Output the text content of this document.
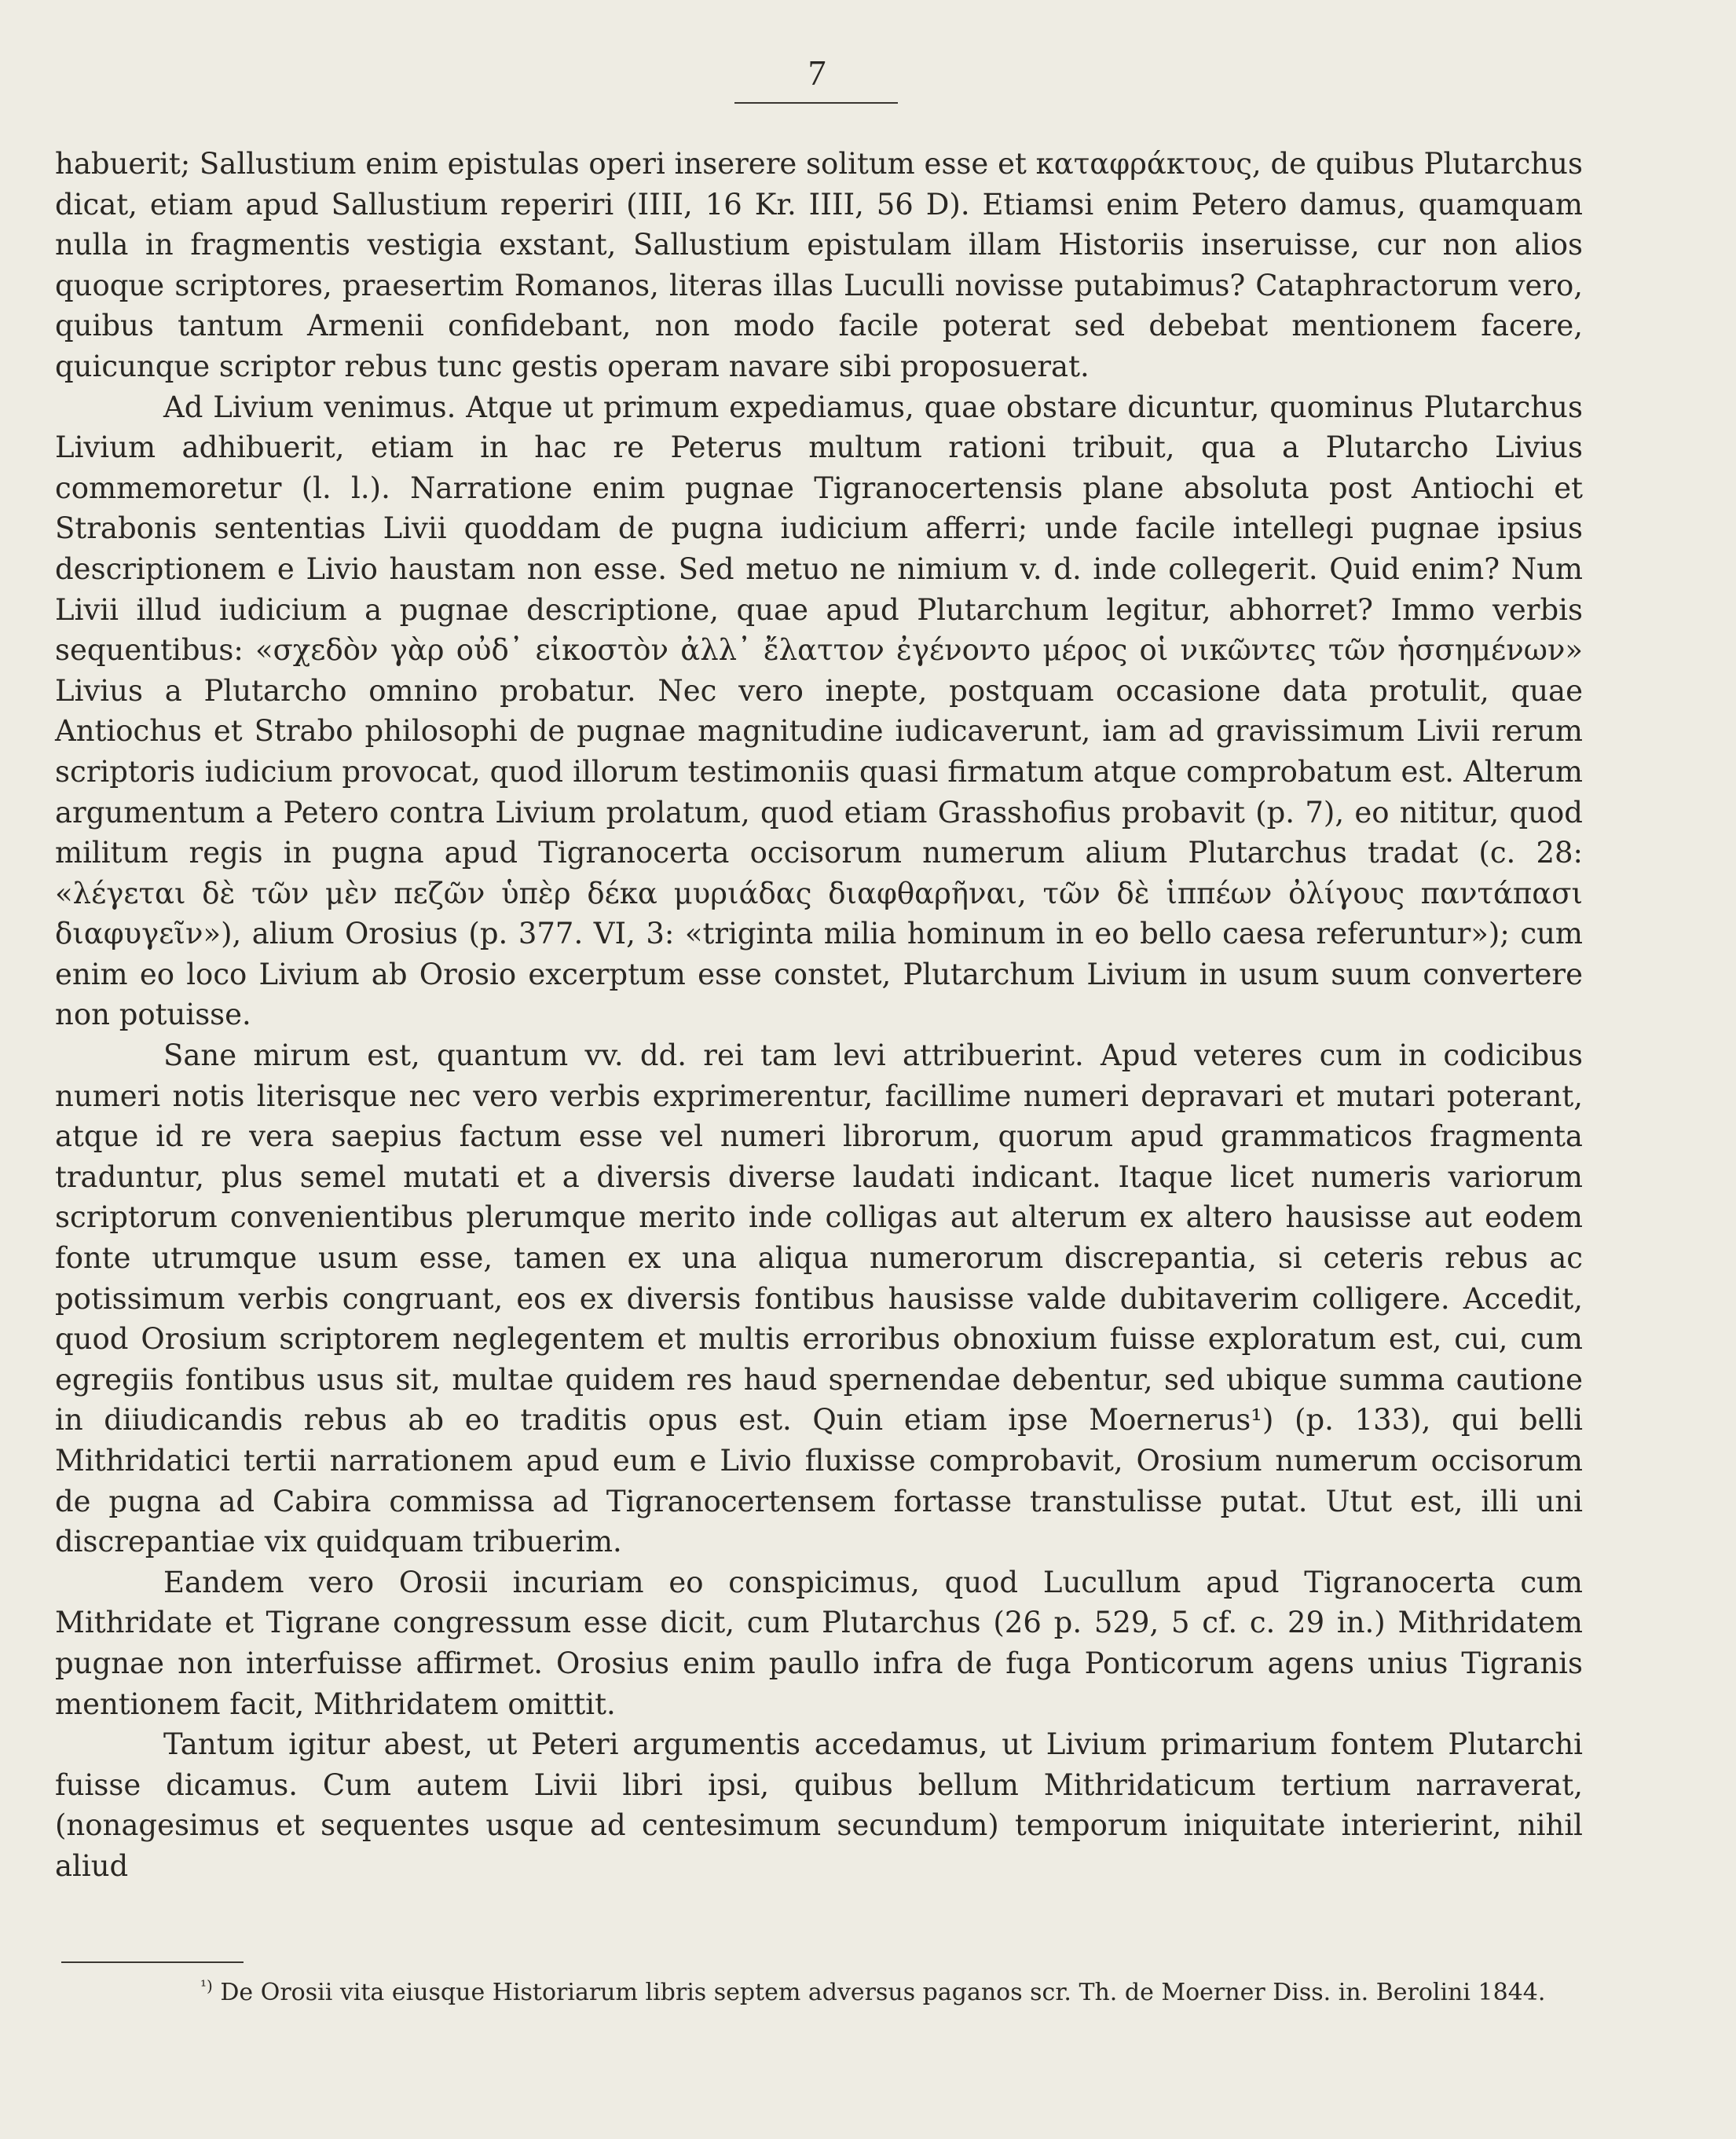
7

habuerit; Sallustium enim epistulas operi inserere solitum esse et καταφράκτους, de quibus Plutarchus dicat, etiam apud Sallustium reperiri (IIII, 16 Kr. IIII, 56 D). Etiamsi enim Petero damus, quamquam nulla in fragmentis vestigia exstant, Sallustium epistulam illam Historiis inseruisse, cur non alios quoque scriptores, praesertim Romanos, literas illas Luculli novisse putabimus? Cataphractorum vero, quibus tantum Armenii confidebant, non modo facile poterat sed debebat mentionem facere, quicunque scriptor rebus tunc gestis operam navare sibi proposuerat.

Ad Livium venimus. Atque ut primum expediamus, quae obstare dicuntur, quominus Plutarchus Livium adhibuerit, etiam in hac re Peterus multum rationi tribuit, qua a Plutarcho Livius commemoretur (l. l.). Narratione enim pugnae Tigranocertensis plane absoluta post Antiochi et Strabonis sententias Livii quoddam de pugna iudicium afferri; unde facile intellegi pugnae ipsius descriptionem e Livio haustam non esse. Sed metuo ne nimium v. d. inde collegerit. Quid enim? Num Livii illud iudicium a pugnae descriptione, quae apud Plutarchum legitur, abhorret? Immo verbis sequentibus: «σχεδὸν γὰρ οὐδ᾽ εἰκοστὸν ἀλλ᾽ ἔλαττον ἐγένοντο μέρος οἱ νικῶντες τῶν ἡσσημένων» Livius a Plutarcho omnino probatur. Nec vero inepte, postquam occasione data protulit, quae Antiochus et Strabo philosophi de pugnae magnitudine iudicaverunt, iam ad gravissimum Livii rerum scriptoris iudicium provocat, quod illorum testimoniis quasi firmatum atque comprobatum est. Alterum argumentum a Petero contra Livium prolatum, quod etiam Grasshofius probavit (p. 7), eo nititur, quod militum regis in pugna apud Tigranocerta occisorum numerum alium Plutarchus tradat (c. 28: «λέγεται δὲ τῶν μὲν πεζῶν ὑπὲρ δέκα μυριάδας διαφθαρῆναι, τῶν δὲ ἱππέων ὀλίγους παντάπασι διαφυγεῖν»), alium Orosius (p. 377. VI, 3: «triginta milia hominum in eo bello caesa referuntur»); cum enim eo loco Livium ab Orosio excerptum esse constet, Plutarchum Livium in usum suum convertere non potuisse.

Sane mirum est, quantum vv. dd. rei tam levi attribuerint. Apud veteres cum in codicibus numeri notis literisque nec vero verbis exprimerentur, facillime numeri depravari et mutari poterant, atque id re vera saepius factum esse vel numeri librorum, quorum apud grammaticos fragmenta traduntur, plus semel mutati et a diversis diverse laudati indicant. Itaque licet numeris variorum scriptorum convenientibus plerumque merito inde colligas aut alterum ex altero hausisse aut eodem fonte utrumque usum esse, tamen ex una aliqua numerorum discrepantia, si ceteris rebus ac potissimum verbis congruant, eos ex diversis fontibus hausisse valde dubitaverim colligere. Accedit, quod Orosium scriptorem neglegentem et multis erroribus obnoxium fuisse exploratum est, cui, cum egregiis fontibus usus sit, multae quidem res haud spernendae debentur, sed ubique summa cautione in diiudicandis rebus ab eo traditis opus est. Quin etiam ipse Moernerus¹) (p. 133), qui belli Mithridatici tertii narrationem apud eum e Livio fluxisse comprobavit, Orosium numerum occisorum de pugna ad Cabira commissa ad Tigranocertensem fortasse transtulisse putat. Utut est, illi uni discrepantiae vix quidquam tribuerim.

Eandem vero Orosii incuriam eo conspicimus, quod Lucullum apud Tigranocerta cum Mithridate et Tigrane congressum esse dicit, cum Plutarchus (26 p. 529, 5 cf. c. 29 in.) Mithridatem pugnae non interfuisse affirmet. Orosius enim paullo infra de fuga Ponticorum agens unius Tigranis mentionem facit, Mithridatem omittit.

Tantum igitur abest, ut Peteri argumentis accedamus, ut Livium primarium fontem Plutarchi fuisse dicamus. Cum autem Livii libri ipsi, quibus bellum Mithridaticum tertium narraverat, (nonagesimus et sequentes usque ad centesimum secundum) temporum iniquitate interierint, nihil aliud

$^{^1)}$ De Orosii vita eiusque Historiarum libris septem adversus paganos scr. Th. de Moerner Diss. in. Berolini 1844.
